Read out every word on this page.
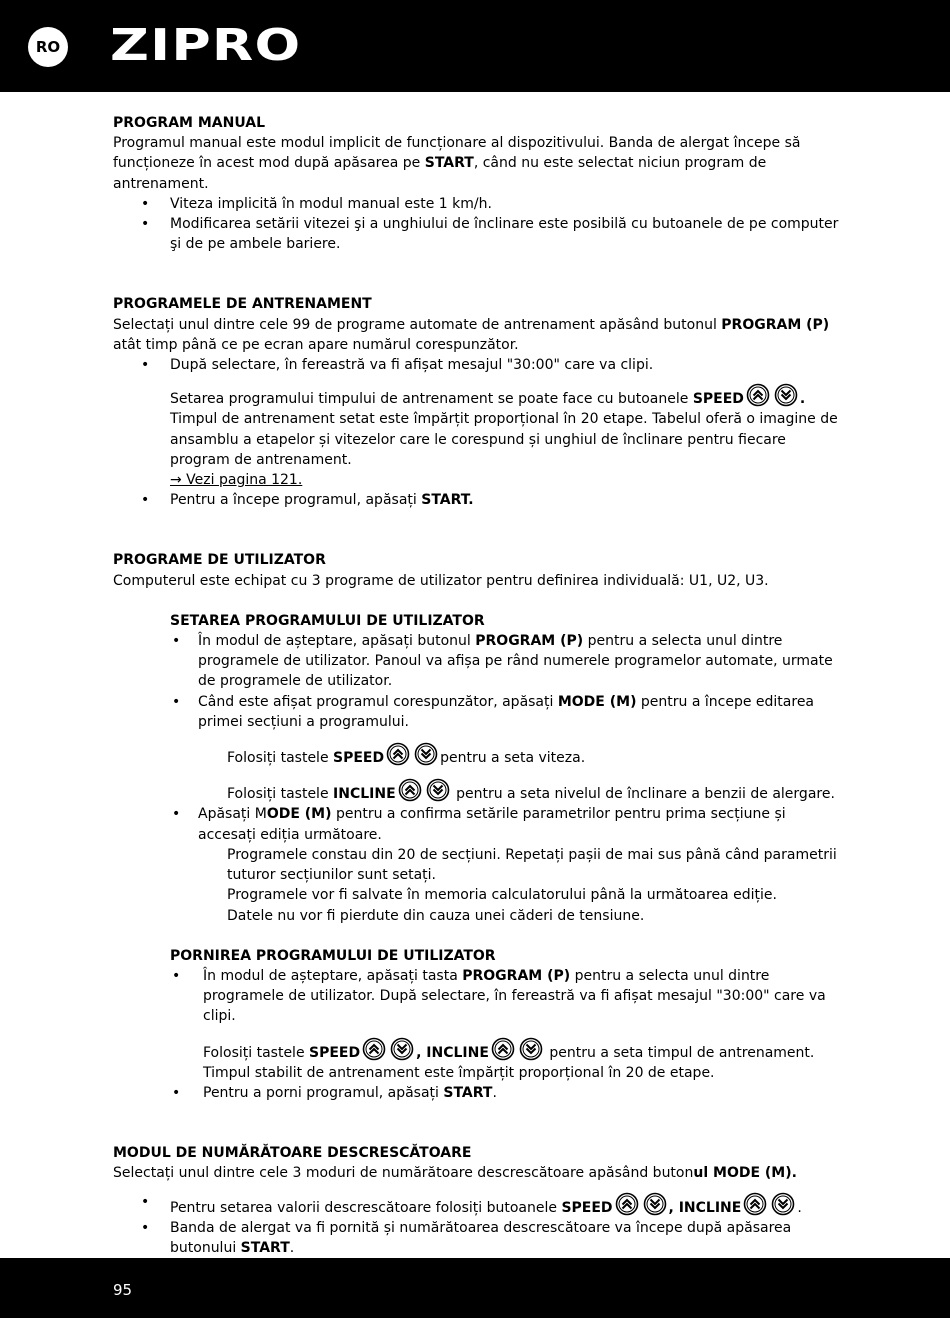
RO ZIPRO

PROGRAM MANUAL

Programul manual este modul implicit de funcționare al dispozitivului. Banda de alergat începe să funcționeze în acest mod după apăsarea pe START, când nu este selectat niciun program de antrenament.

• Viteza implicită în modul manual este 1 km/h.
• Modificarea setării vitezei şi a unghiului de înclinare este posibilă cu butoanele de pe computer şi de pe ambele bariere.

PROGRAMELE DE ANTRENAMENT

Selectați unul dintre cele 99 de programe automate de antrenament apăsând butonul PROGRAM (P) atât timp până ce pe ecran apare numărul corespunzător.

• După selectare, în fereastră va fi afișat mesajul "30:00" care va clipi.

Setarea programului timpului de antrenament se poate face cu butoanele SPEED	.

Timpul de antrenament setat este împărțit proporțional în 20 etape. Tabelul oferă o imagine de ansamblu a etapelor și vitezelor care le corespund și unghiul de înclinare pentru fiecare program de antrenament.

→ Vezi pagina 121.

• Pentru a începe programul, apăsați START.

PROGRAME DE UTILIZATOR

Computerul este echipat cu 3 programe de utilizator pentru definirea individuală: U1, U2, U3.

SETAREA PROGRAMULUI DE UTILIZATOR

• În modul de așteptare, apăsați butonul PROGRAM (P) pentru a selecta unul dintre programele de utilizator. Panoul va afișa pe rând numerele programelor automate, urmate de programele de utilizator.
• Când este afișat programul corespunzător, apăsați MODE (M) pentru a începe editarea primei secțiuni a programului.

Folosiți tastele SPEED	pentru a seta viteza.

Folosiți tastele INCLINE	pentru a seta nivelul de înclinare a benzii de alergare.

• Apăsați MODE (M) pentru a confirma setările parametrilor pentru prima secțiune și accesați ediția următoare.

Programele constau din 20 de secțiuni. Repetați pașii de mai sus până când parametrii tuturor secțiunilor sunt setați.

Programele vor fi salvate în memoria calculatorului până la următoarea ediție.

Datele nu vor fi pierdute din cauza unei căderi de tensiune.

PORNIREA PROGRAMULUI DE UTILIZATOR

• În modul de așteptare, apăsați tasta PROGRAM (P) pentru a selecta unul dintre programele de utilizator. După selectare, în fereastră va fi afișat mesajul "30:00" care va clipi.

Folosiți tastele SPEED	, INCLINE	pentru a seta timpul de antrenament.

Timpul stabilit de antrenament este împărțit proporțional în 20 de etape.

• Pentru a porni programul, apăsați START.

MODUL DE NUMĂRĂTOARE DESCRESCĂTOARE

Selectați unul dintre cele 3 moduri de numărătoare descrescătoare apăsând butonul MODE (M).

• Pentru setarea valorii descrescătoare folosiți butoanele SPEED	, INCLINE	.
• Banda de alergat va fi pornită și numărătoarea descrescătoare va începe după apăsarea butonului START.
95
